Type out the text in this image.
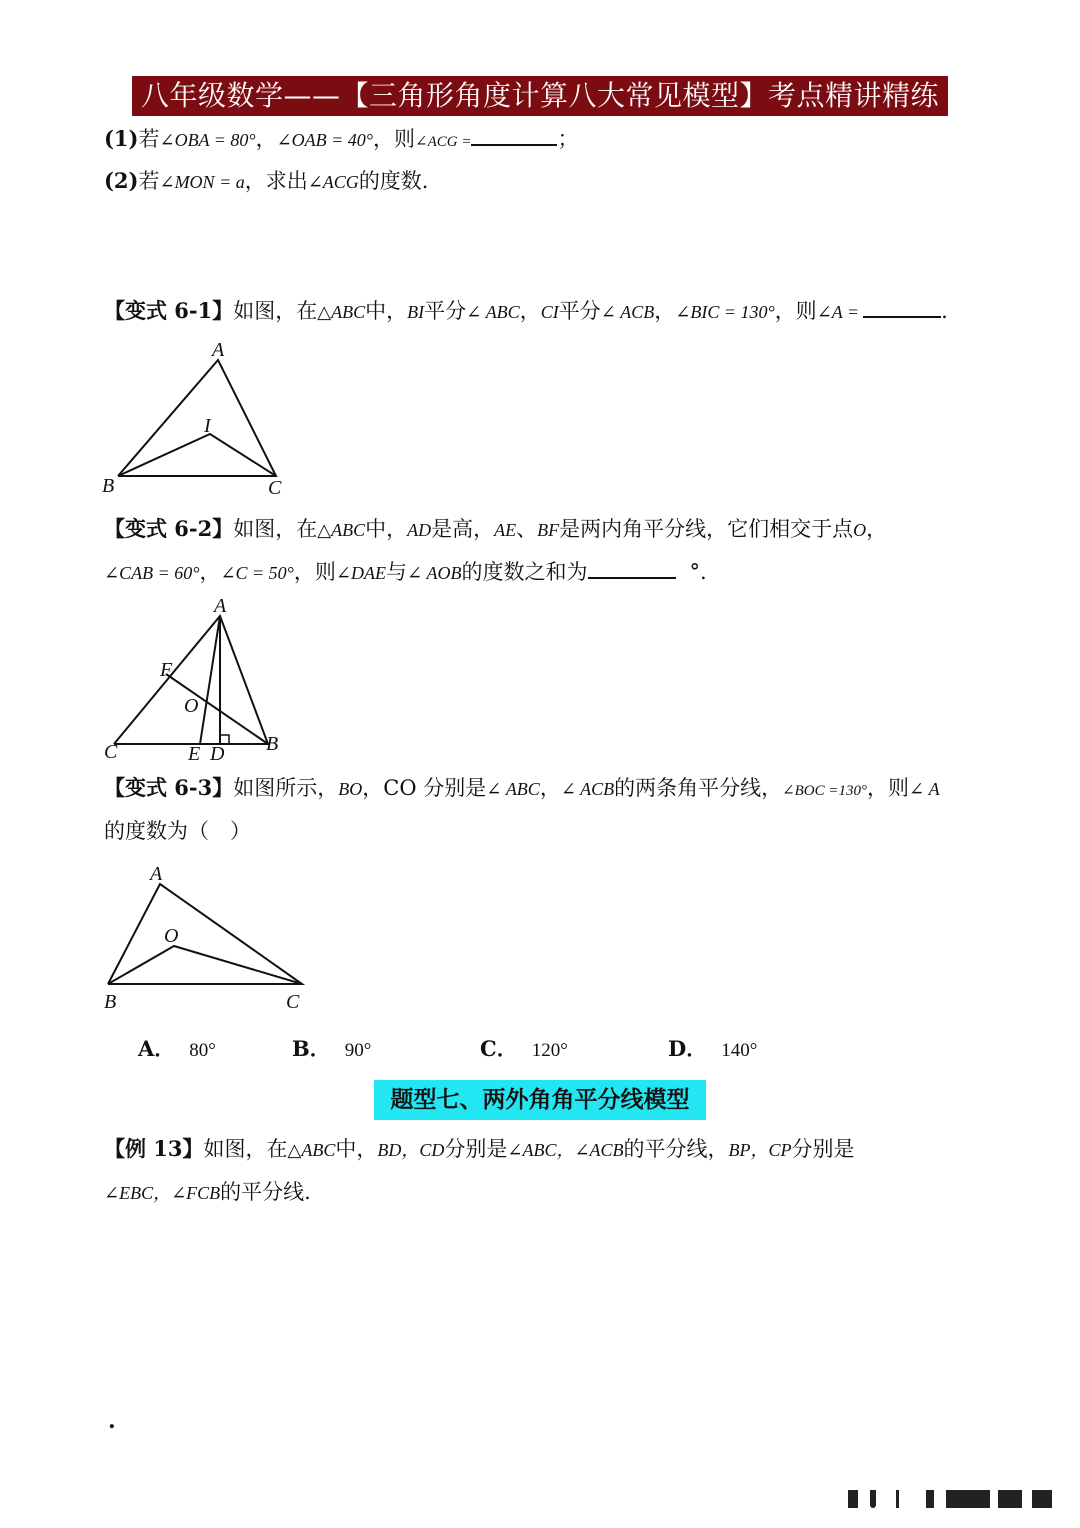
八年级数学——【三角形角度计算八大常见模型】考点精讲精练
(1)若∠OBA = 80°，∠OAB = 40°，则∠ACG =	；
(2)若∠MON = a，求出∠ACG的度数.
【变式 6-1】如图，在△ABC中，BI平分∠ ABC，CI平分∠ ACB，∠BIC = 130°，则∠A =	.
A
B	C
I
【变式 6-2】如图，在△ABC中，AD是高，AE、BF是两内角平分线，它们相交于点O，
∠CAB = 60°，∠C = 50°，则∠DAE与∠ AOB的度数之和为	°.
A
C	B
E D
F
O
【变式 6-3】如图所示，BO，CO 分别是∠ ABC，∠ ACB的两条角平分线，∠BOC =130°，则∠ A
的度数为（　）
A
O
B	C
A． 80°	B． 90°	C． 120°	D． 140°
题型七、两外角角平分线模型
【例 13】如图，在△ABC中，BD，CD分别是∠ABC，∠ACB的平分线，BP，CP分别是
∠EBC，∠FCB的平分线.
.
